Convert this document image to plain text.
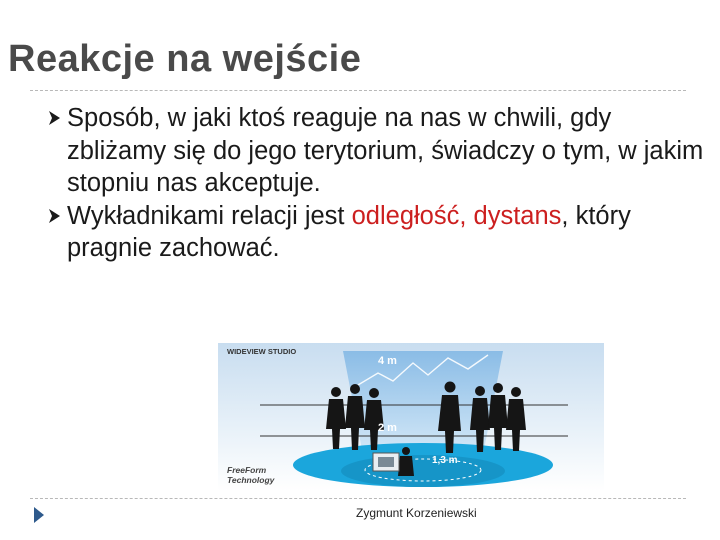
Reakcje na wejście
Sposób, w jaki ktoś reaguje na nas w chwili, gdy zbliżamy się do jego terytorium, świadczy o tym, w jakim stopniu nas akceptuje.
Wykładnikami relacji jest odległość, dystans, który pragnie zachować.
WIDEVIEW STUDIO
4 m
2 m
1,3 m
FreeForm
Technology
Zygmunt Korzeniewski
